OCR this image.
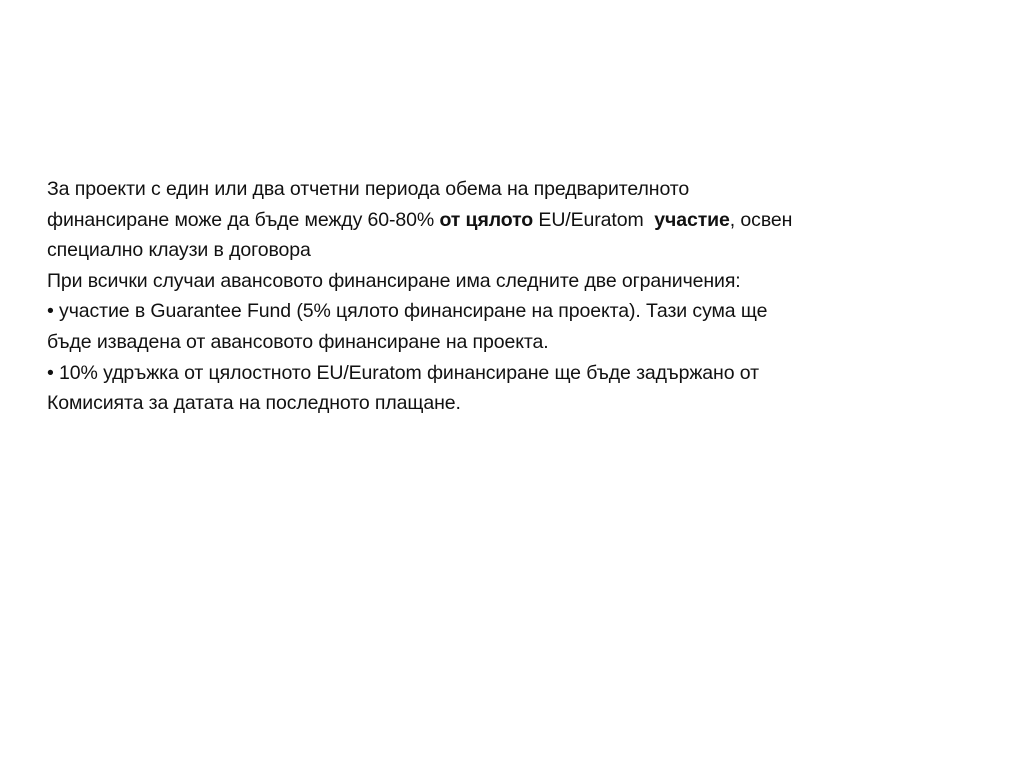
За проекти с един или два отчетни периода обема на предварителното
финансиране може да бъде между 60-80% от цялото EU/Euratom  участие, освен
специално клаузи в договора
При всички случаи авансовото финансиране има следните две ограничения:
• участие в Guarantee Fund (5% цялото финансиране на проекта). Тази сума ще
бъде извадена от авансовото финансиране на проекта.
• 10% удръжка от цялостното EU/Euratom финансиране ще бъде задържано от
Комисията за датата на последното плащане.
